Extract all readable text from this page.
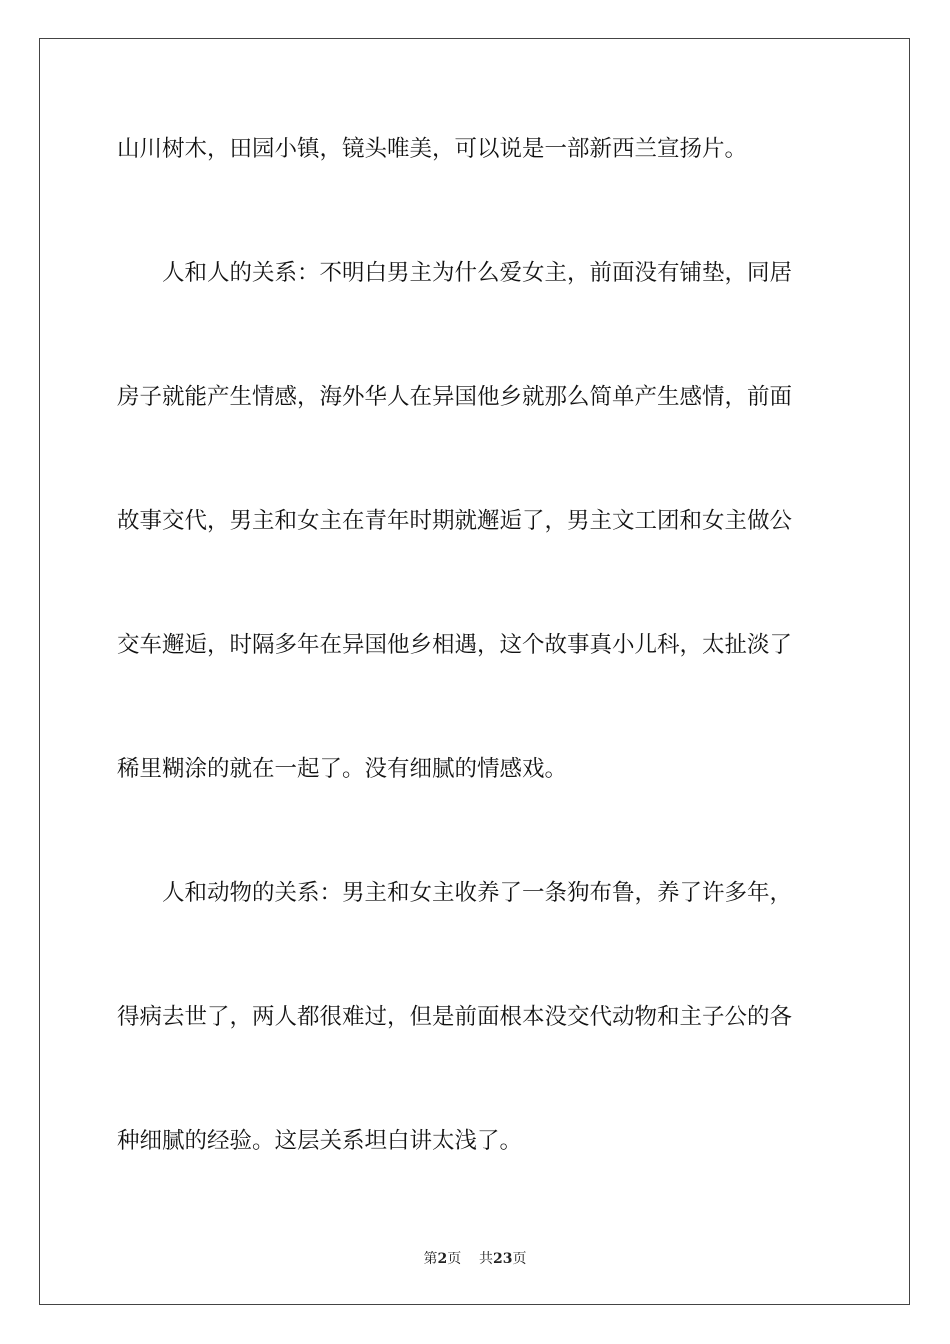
山川树木，田园小镇，镜头唯美，可以说是一部新西兰宣扬片。
　　人和人的关系：不明白男主为什么爱女主，前面没有铺垫，同居
房子就能产生情感，海外华人在异国他乡就那么简单产生感情，前面
故事交代，男主和女主在青年时期就邂逅了，男主文工团和女主做公
交车邂逅，时隔多年在异国他乡相遇，这个故事真小儿科，太扯淡了
稀里糊涂的就在一起了。没有细腻的情感戏。
　　人和动物的关系：男主和女主收养了一条狗布鲁，养了许多年，
得病去世了，两人都很难过，但是前面根本没交代动物和主子公的各
种细腻的经验。这层关系坦白讲太浅了。
第2页 共23页
